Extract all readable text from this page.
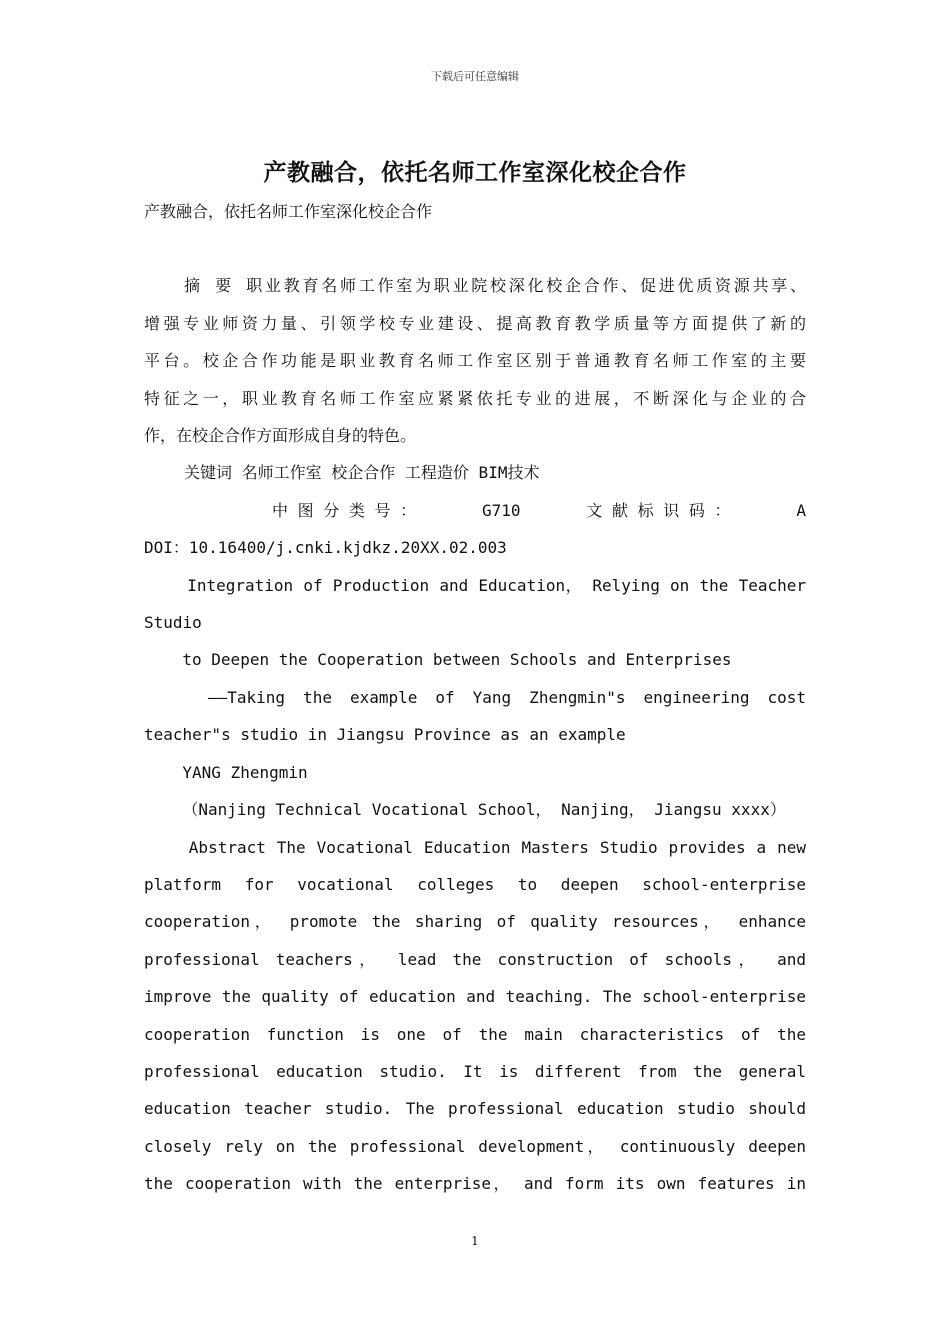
下载后可任意编辑
产教融合，依托名师工作室深化校企合作

产教融合，依托名师工作室深化校企合作

摘 要 职业教育名师工作室为职业院校深化校企合作、促进优质资源共享、

增强专业师资力量、引领学校专业建设、提高教育教学质量等方面提供了新的

平台。校企合作功能是职业教育名师工作室区别于普通教育名师工作室的主要

特征之一，职业教育名师工作室应紧紧依托专业的进展，不断深化与企业的合

作，在校企合作方面形成自身的特色。

关键词 名师工作室 校企合作 工程造价 BIM技术

中 图 分 类 号 ：	G710	文 献 标 识 码 ：	A

DOI：10.16400/j.cnki.kjdkz.20XX.02.003

Integration of Production and Education， Relying on the Teacher

Studio

to Deepen the Cooperation between Schools and Enterprises

——Taking the example of Yang Zhengmin"s engineering cost

teacher"s studio in Jiangsu Province as an example

YANG Zhengmin

（Nanjing Technical Vocational School， Nanjing， Jiangsu xxxx）

Abstract The Vocational Education Masters Studio provides a new

platform for vocational colleges to deepen school-enterprise

cooperation， promote the sharing of quality resources， enhance

professional teachers， lead the construction of schools， and

improve the quality of education and teaching. The school-enterprise

cooperation function is one of the main characteristics of the

professional education studio. It is different from the general

education teacher studio. The professional education studio should

closely rely on the professional development， continuously deepen

the cooperation with the enterprise， and form its own features in

1
